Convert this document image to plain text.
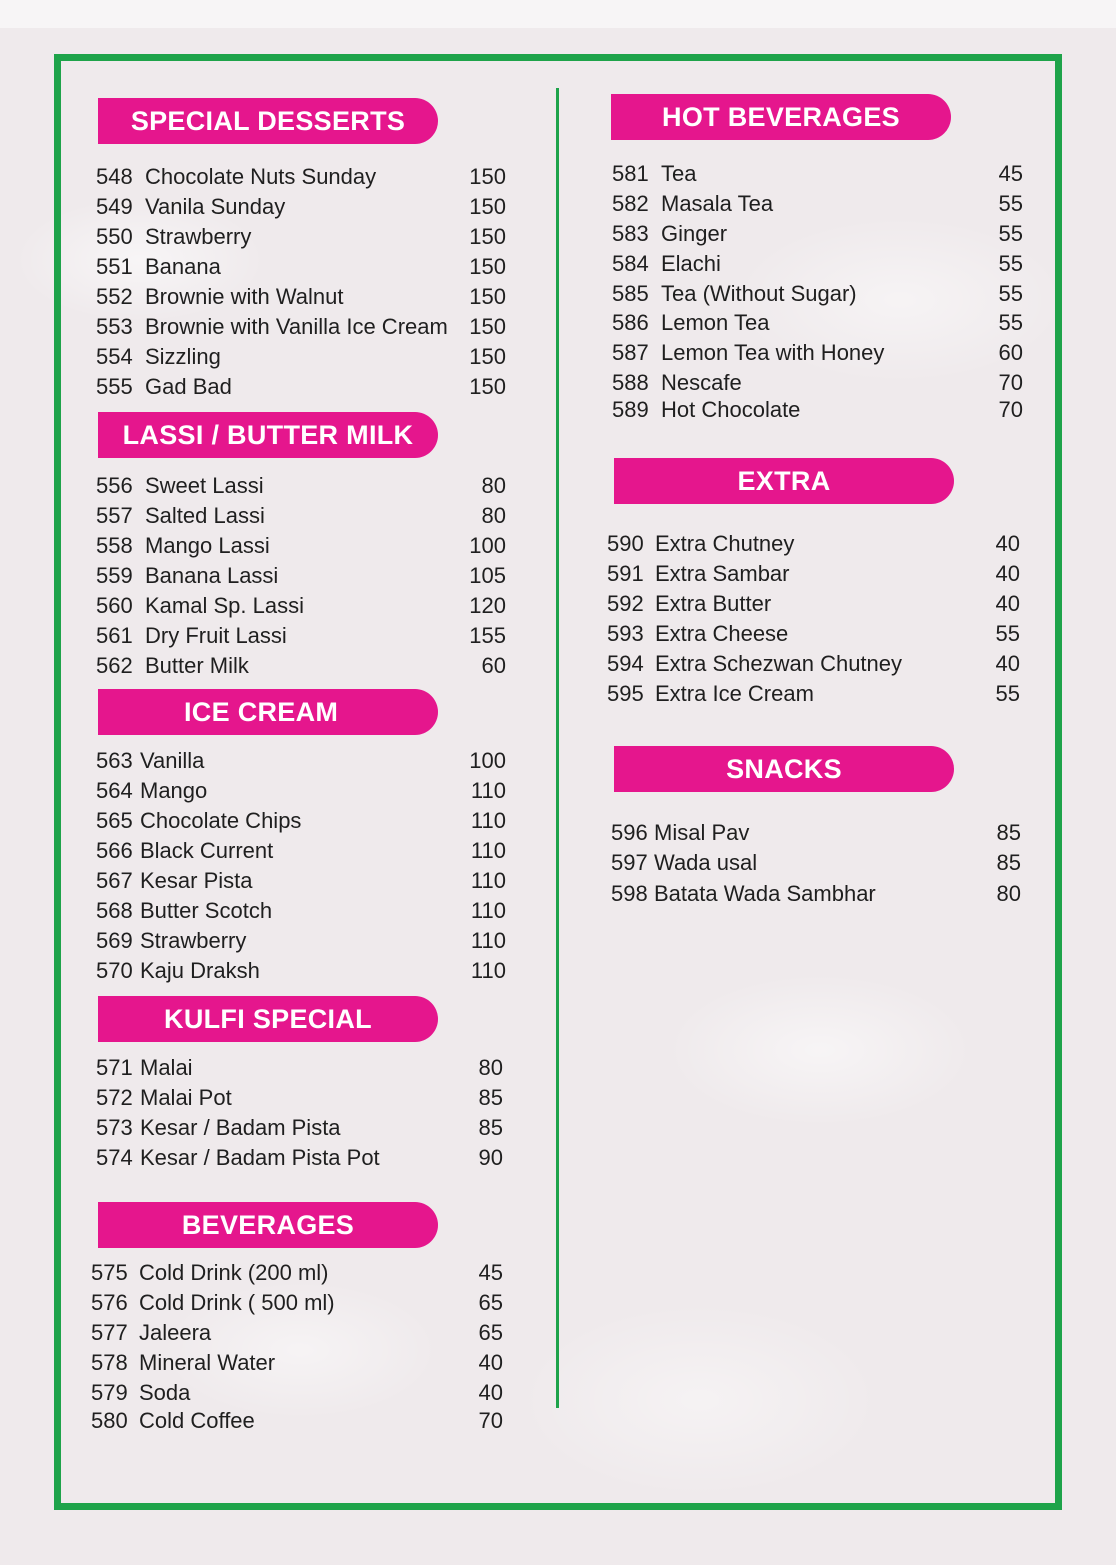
SPECIAL DESSERTS
548 Chocolate Nuts Sunday	150
549 Vanila Sunday	150
550 Strawberry	150
551 Banana	150
552 Brownie with Walnut	150
553 Brownie with Vanilla Ice Cream 150
554 Sizzling	150
555 Gad Bad	150
LASSI / BUTTER MILK
556 Sweet Lassi	80
557 Salted Lassi	80
558 Mango Lassi	100
559 Banana Lassi	105
560 Kamal Sp. Lassi	120
561 Dry Fruit Lassi	155
562 Butter Milk	60
ICE CREAM
563 Vanilla	100
564 Mango	110
565 Chocolate Chips	110
566 Black Current	110
567 Kesar Pista	110
568 Butter Scotch	110
569 Strawberry	110
570 Kaju Draksh	110
KULFI SPECIAL
571 Malai	80
572 Malai Pot	85
573 Kesar / Badam Pista	85
574 Kesar / Badam Pista Pot	90
BEVERAGES
575 Cold Drink (200 ml)	45
576 Cold Drink ( 500 ml)	65
577 Jaleera	65
578 Mineral Water	40
579 Soda	40
580 Cold Coffee	70
HOT BEVERAGES
581 Tea	45
582 Masala Tea	55
583 Ginger	55
584 Elachi	55
585 Tea (Without Sugar)	55
586 Lemon Tea	55
587 Lemon Tea with Honey	60
588 Nescafe	70
589 Hot Chocolate	70
EXTRA
590 Extra Chutney	40
591 Extra Sambar	40
592 Extra Butter	40
593 Extra Cheese	55
594 Extra Schezwan Chutney	40
595 Extra Ice Cream	55
SNACKS
596 Misal Pav	85
597 Wada usal	85
598 Batata Wada Sambhar	80
